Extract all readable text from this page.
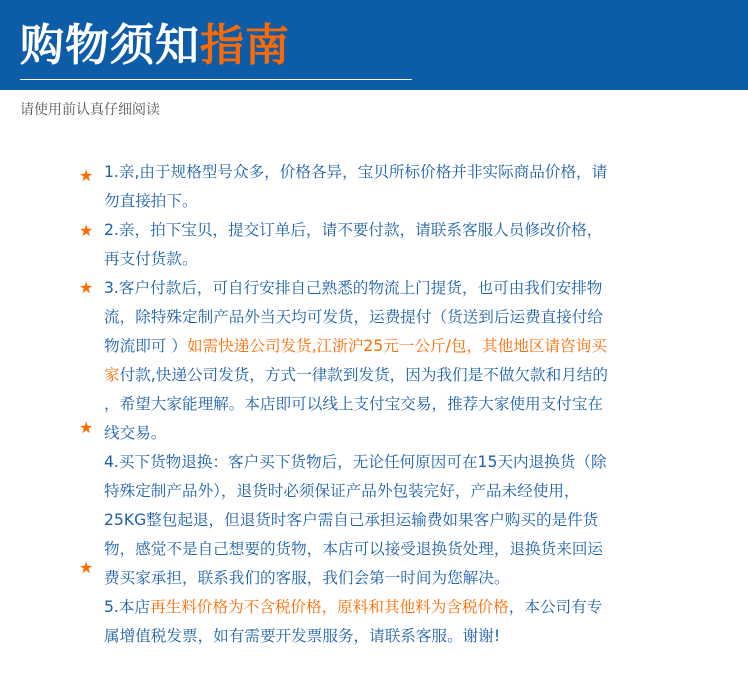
购物须知指南
请使用前认真仔细阅读
★
★
★
★
★
1.亲,由于规格型号众多，价格各异，宝贝所标价格并非实际商品价格，请
勿直接拍下。
2.亲，拍下宝贝，提交订单后，请不要付款，请联系客服人员修改价格，
再支付货款。
3.客户付款后，可自行安排自己熟悉的物流上门提货，也可由我们安排物
流，除特殊定制产品外当天均可发货，运费提付（货送到后运费直接付给
物流即可 ）如需快递公司发货,江浙沪25元一公斤/包，其他地区请咨询买
家付款,快递公司发货，方式一律款到发货，因为我们是不做欠款和月结的
，希望大家能理解。本店即可以线上支付宝交易，推荐大家使用支付宝在
线交易。
4.买下货物退换：客户买下货物后，无论任何原因可在15天内退换货（除
特殊定制产品外），退货时必须保证产品外包装完好，产品未经使用，
25KG整包起退，但退货时客户需自己承担运输费如果客户购买的是件货
物，感觉不是自己想要的货物，本店可以接受退换货处理，退换货来回运
费买家承担，联系我们的客服，我们会第一时间为您解决。
5.本店再生料价格为不含税价格，原料和其他料为含税价格，本公司有专
属增值税发票，如有需要开发票服务，请联系客服。谢谢!
